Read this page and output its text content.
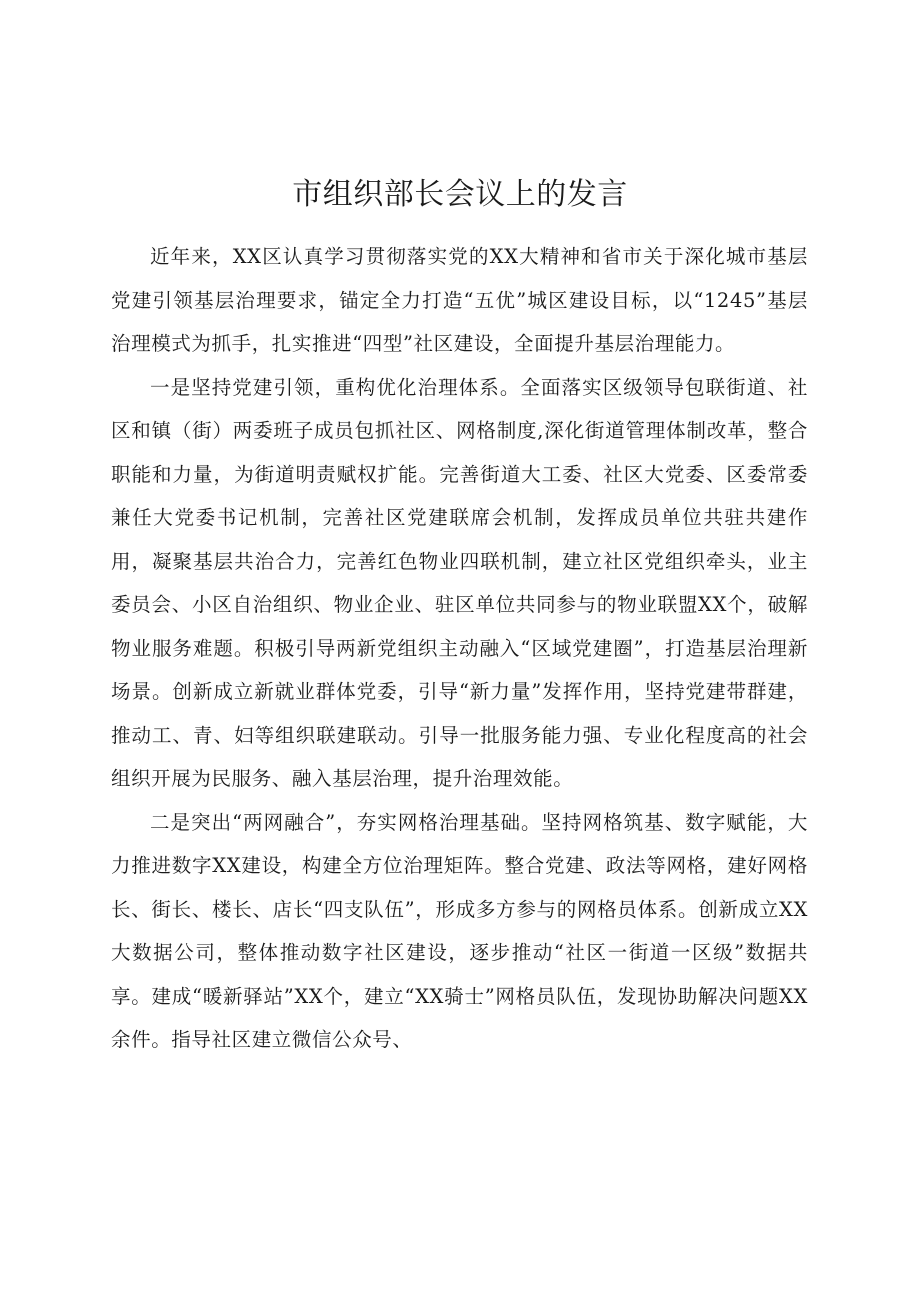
市组织部长会议上的发言

近年来，XX区认真学习贯彻落实党的XX大精神和省市关于深化城市基层党建引领基层治理要求，锚定全力打造“五优”城区建设目标，以“1245”基层治理模式为抓手，扎实推进“四型”社区建设，全面提升基层治理能力。

一是坚持党建引领，重构优化治理体系。全面落实区级领导包联街道、社区和镇（街）两委班子成员包抓社区、网格制度,深化街道管理体制改革，整合职能和力量，为街道明责赋权扩能。完善街道大工委、社区大党委、区委常委兼任大党委书记机制，完善社区党建联席会机制，发挥成员单位共驻共建作用，凝聚基层共治合力，完善红色物业四联机制，建立社区党组织牵头，业主委员会、小区自治组织、物业企业、驻区单位共同参与的物业联盟XX个，破解物业服务难题。积极引导两新党组织主动融入“区域党建圈”，打造基层治理新场景。创新成立新就业群体党委，引导“新力量”发挥作用，坚持党建带群建，推动工、青、妇等组织联建联动。引导一批服务能力强、专业化程度高的社会组织开展为民服务、融入基层治理，提升治理效能。

二是突出“两网融合”，夯实网格治理基础。坚持网格筑基、数字赋能，大力推进数字XX建设，构建全方位治理矩阵。整合党建、政法等网格，建好网格长、街长、楼长、店长“四支队伍”，形成多方参与的网格员体系。创新成立XX大数据公司，整体推动数字社区建设，逐步推动“社区一街道一区级”数据共享。建成“暖新驿站”XX个，建立“XX骑士”网格员队伍，发现协助解决问题XX余件。指导社区建立微信公众号、
